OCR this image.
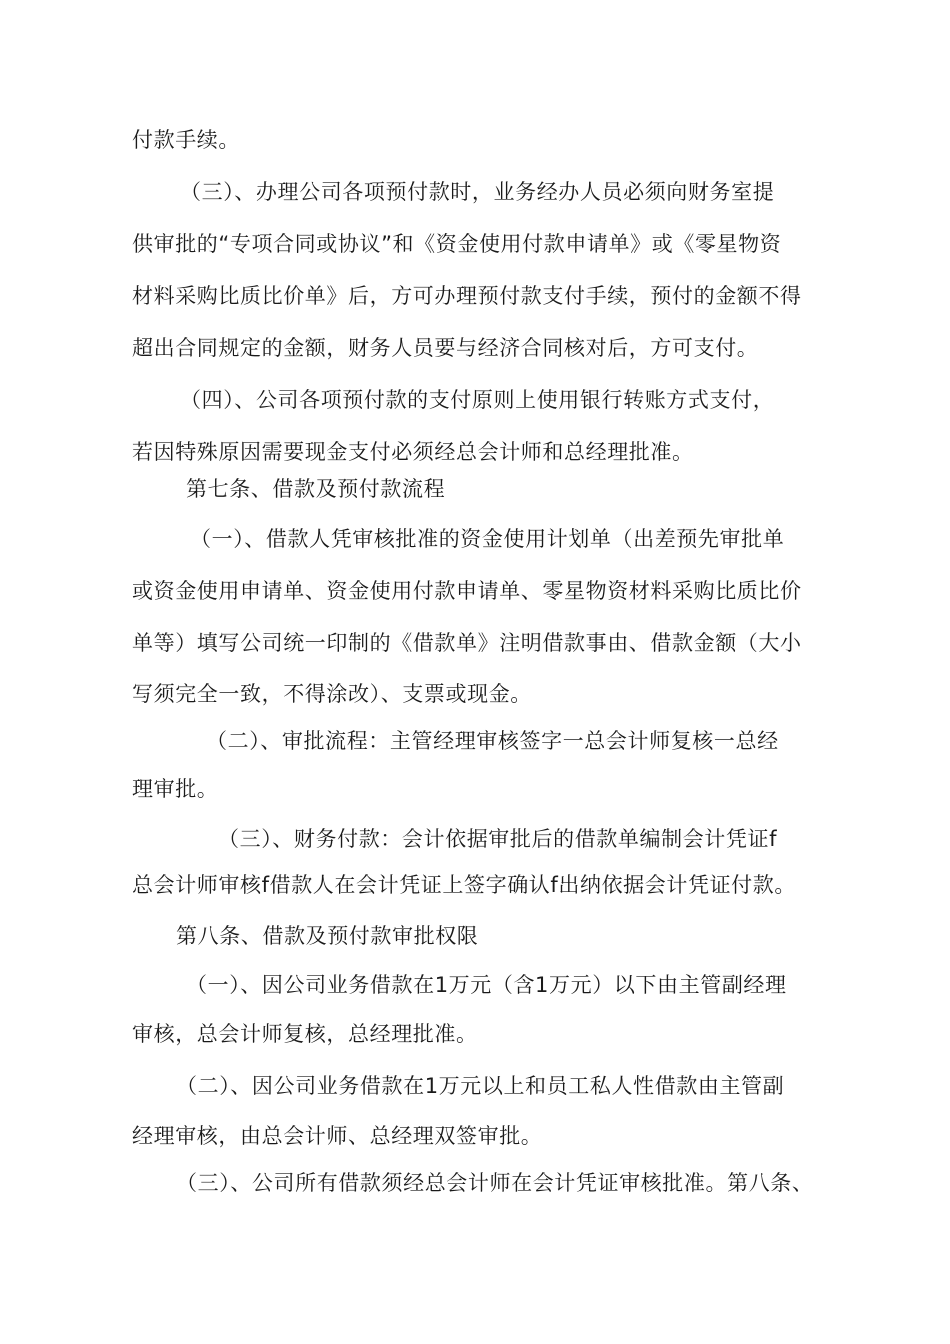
付款手续。
（三）、办理公司各项预付款时，业务经办人员必须向财务室提
供审批的“专项合同或协议”和《资金使用付款申请单》或《零星物资
材料采购比质比价单》后，方可办理预付款支付手续，预付的金额不得
超出合同规定的金额，财务人员要与经济合同核对后，方可支付。
（四）、公司各项预付款的支付原则上使用银行转账方式支付，
若因特殊原因需要现金支付必须经总会计师和总经理批准。
第七条、借款及预付款流程
（一）、借款人凭审核批准的资金使用计划单（出差预先审批单
或资金使用申请单、资金使用付款申请单、零星物资材料采购比质比价
单等）填写公司统一印制的《借款单》注明借款事由、借款金额（大小
写须完全一致，不得涂改）、支票或现金。
（二）、审批流程：主管经理审核签字一总会计师复核一总经
理审批。
（三）、财务付款：会计依据审批后的借款单编制会计凭证f
总会计师审核f借款人在会计凭证上签字确认f出纳依据会计凭证付款。
第八条、借款及预付款审批权限
（一）、因公司业务借款在1万元（含1万元）以下由主管副经理
审核，总会计师复核，总经理批准。
（二）、因公司业务借款在1万元以上和员工私人性借款由主管副
经理审核，由总会计师、总经理双签审批。
（三）、公司所有借款须经总会计师在会计凭证审核批准。第八条、
